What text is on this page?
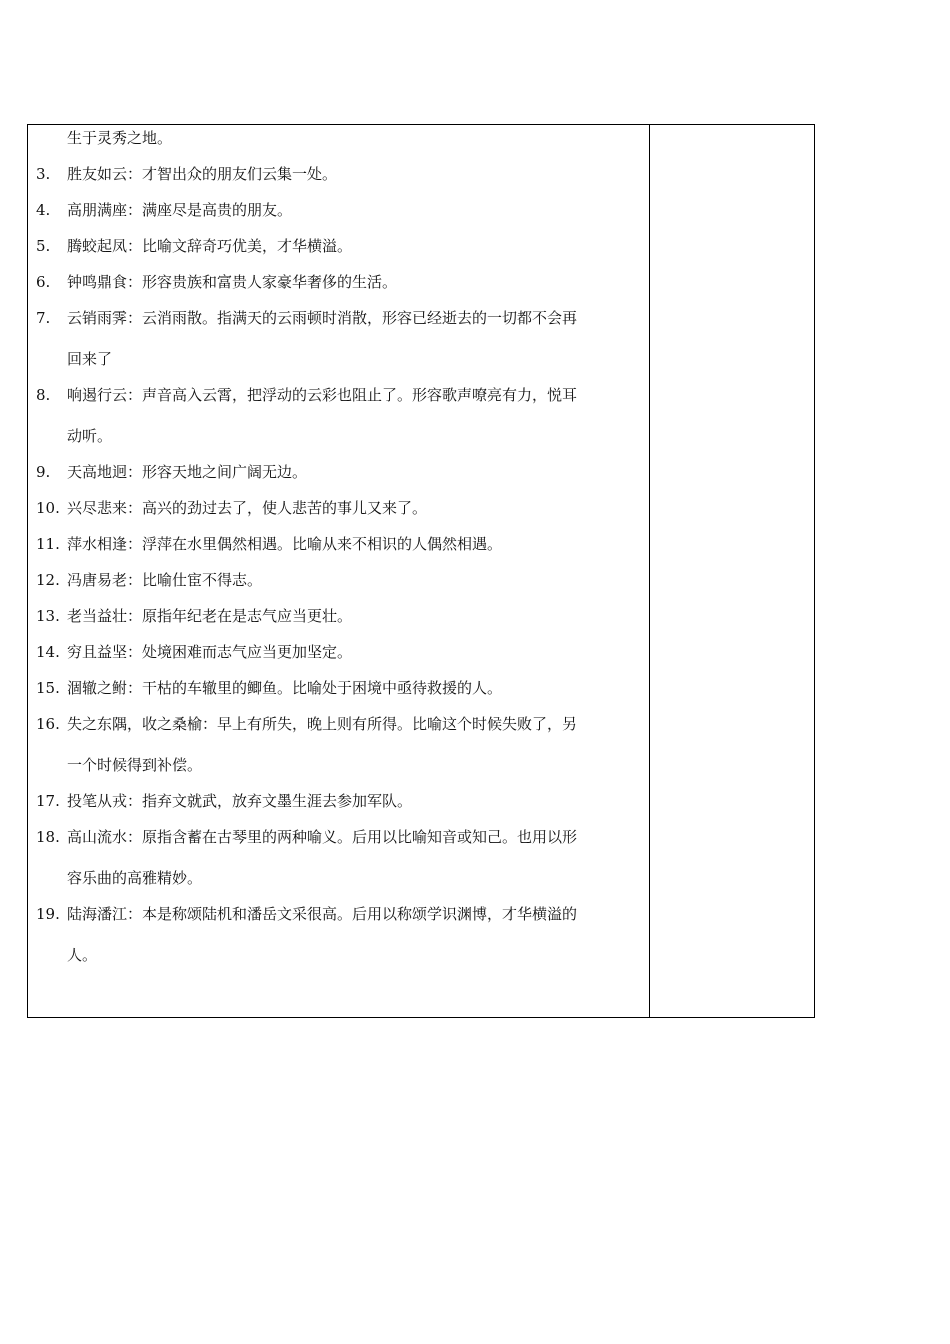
生于灵秀之地。
3.	胜友如云：才智出众的朋友们云集一处。
4.	高朋满座：满座尽是高贵的朋友。
5.	腾蛟起凤：比喻文辞奇巧优美，才华横溢。
6.	钟鸣鼎食：形容贵族和富贵人家豪华奢侈的生活。
7.	云销雨霁：云消雨散。指满天的云雨顿时消散，形容已经逝去的一切都不会再
回来了
8.	响遏行云：声音高入云霄，把浮动的云彩也阻止了。形容歌声嘹亮有力，悦耳
动听。
9.	天高地迥：形容天地之间广阔无边。
10. 兴尽悲来：高兴的劲过去了，使人悲苦的事儿又来了。
11. 萍水相逢：浮萍在水里偶然相遇。比喻从来不相识的人偶然相遇。
12. 冯唐易老：比喻仕宦不得志。
13. 老当益壮：原指年纪老在是志气应当更壮。
14. 穷且益坚：处境困难而志气应当更加坚定。
15. 涸辙之鲋：干枯的车辙里的鲫鱼。比喻处于困境中亟待救援的人。
16. 失之东隅，收之桑榆：早上有所失，晚上则有所得。比喻这个时候失败了，另
一个时候得到补偿。
17. 投笔从戎：指弃文就武，放弃文墨生涯去参加军队。
18. 高山流水：原指含蓄在古琴里的两种喻义。后用以比喻知音或知己。也用以形
容乐曲的高雅精妙。
19. 陆海潘江：本是称颂陆机和潘岳文采很高。后用以称颂学识渊博，才华横溢的
人。
